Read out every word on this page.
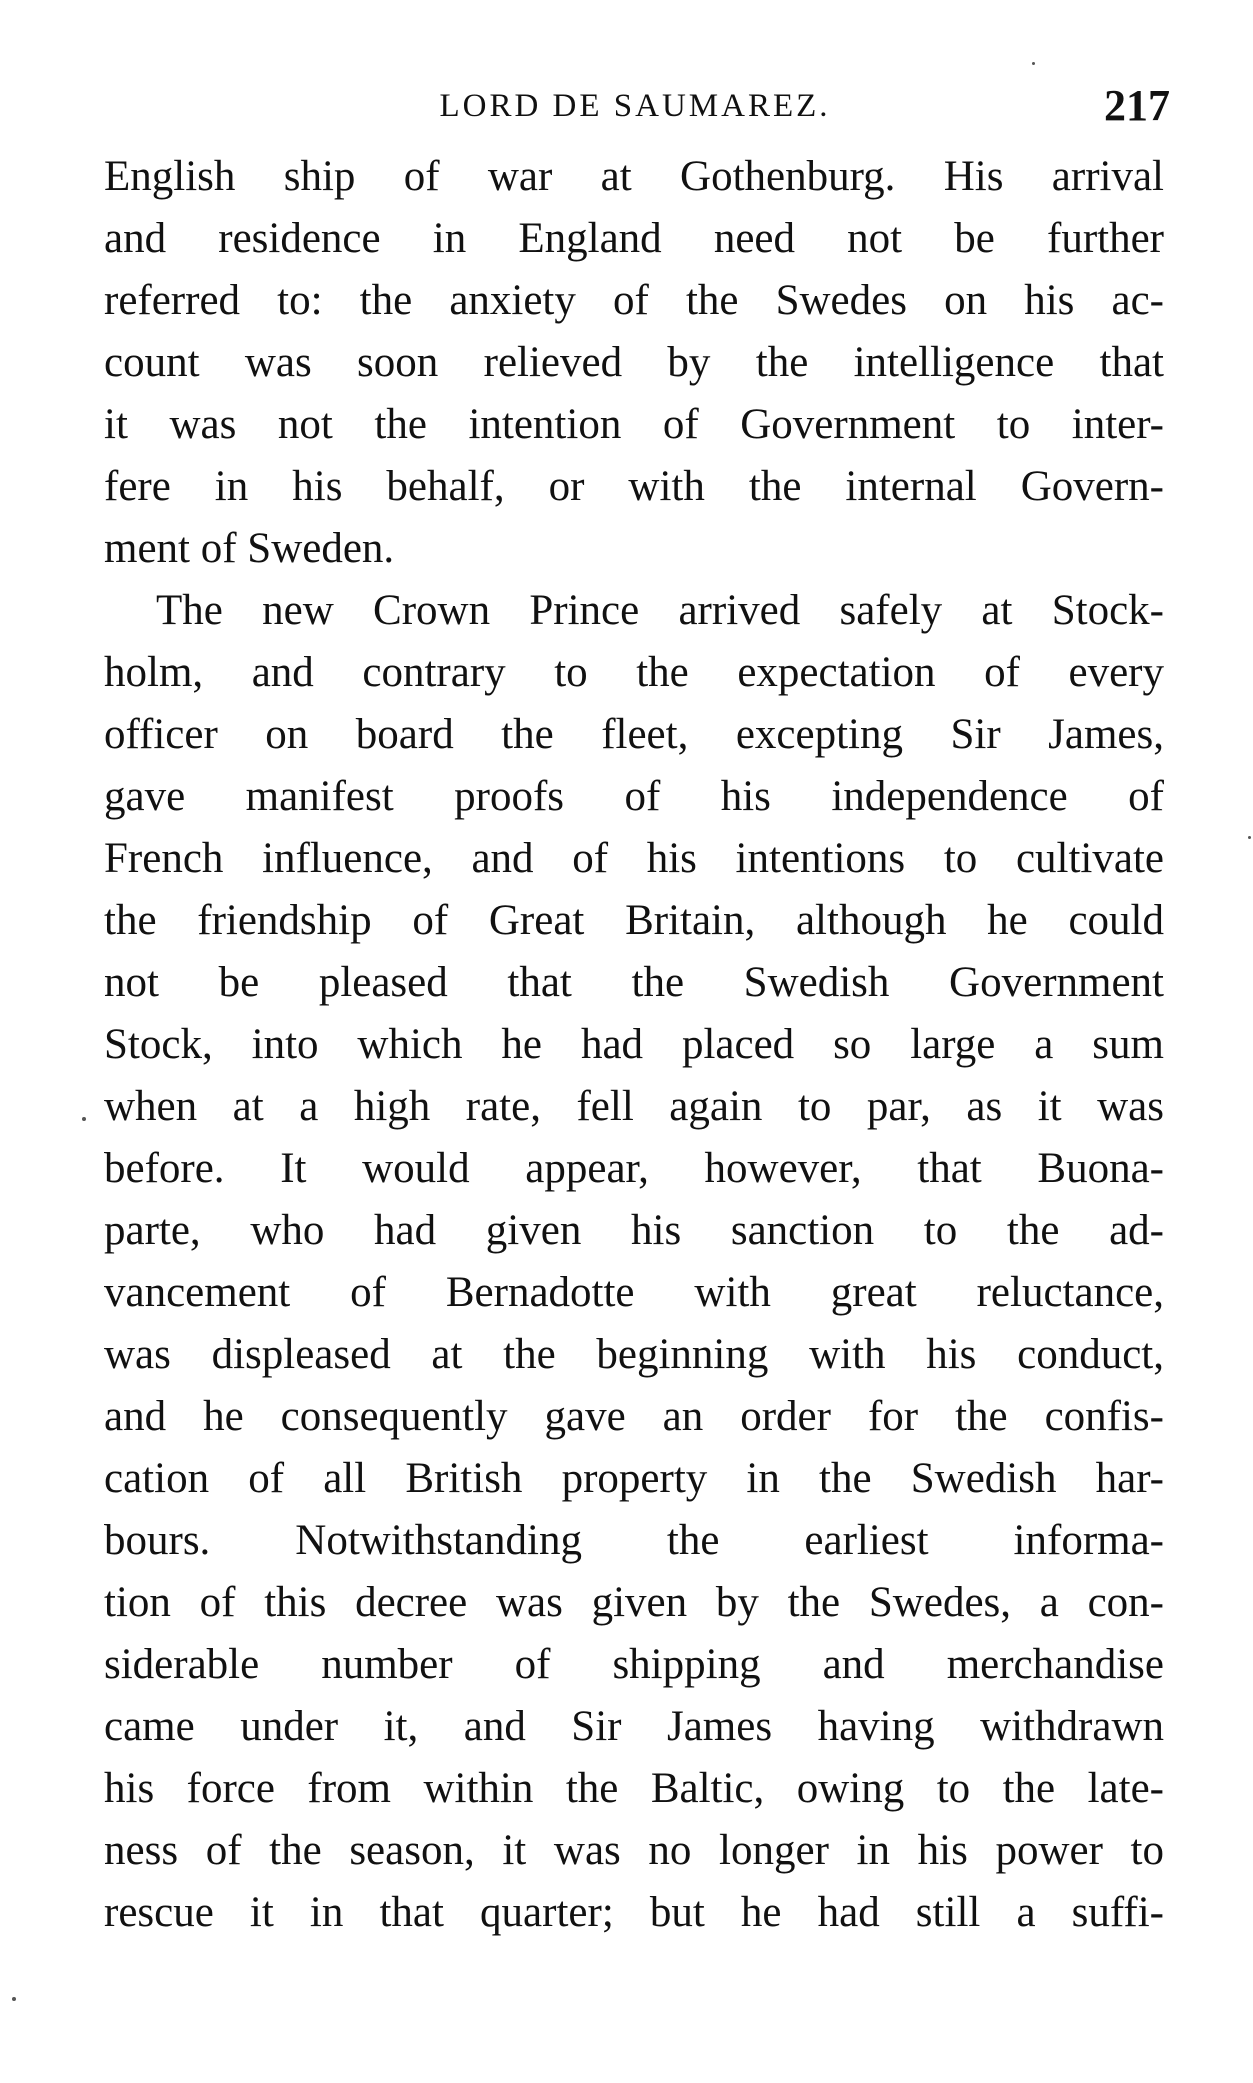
LORD DE SAUMAREZ.	217
English ship of war at Gothenburg. His arrival
and residence in England need not be further
referred to: the anxiety of the Swedes on his ac-
count was soon relieved by the intelligence that
it was not the intention of Government to inter-
fere in his behalf, or with the internal Govern-
ment of Sweden.
The new Crown Prince arrived safely at Stock-
holm, and contrary to the expectation of every
officer on board the fleet, excepting Sir James,
gave manifest proofs of his independence of
French influence, and of his intentions to cultivate
the friendship of Great Britain, although he could
not be pleased that the Swedish Government
Stock, into which he had placed so large a sum
when at a high rate, fell again to par, as it was
before. It would appear, however, that Buona-
parte, who had given his sanction to the ad-
vancement of Bernadotte with great reluctance,
was displeased at the beginning with his conduct,
and he consequently gave an order for the confis-
cation of all British property in the Swedish har-
bours. Notwithstanding the earliest informa-
tion of this decree was given by the Swedes, a con-
siderable number of shipping and merchandise
came under it, and Sir James having withdrawn
his force from within the Baltic, owing to the late-
ness of the season, it was no longer in his power to
rescue it in that quarter; but he had still a suffi-
